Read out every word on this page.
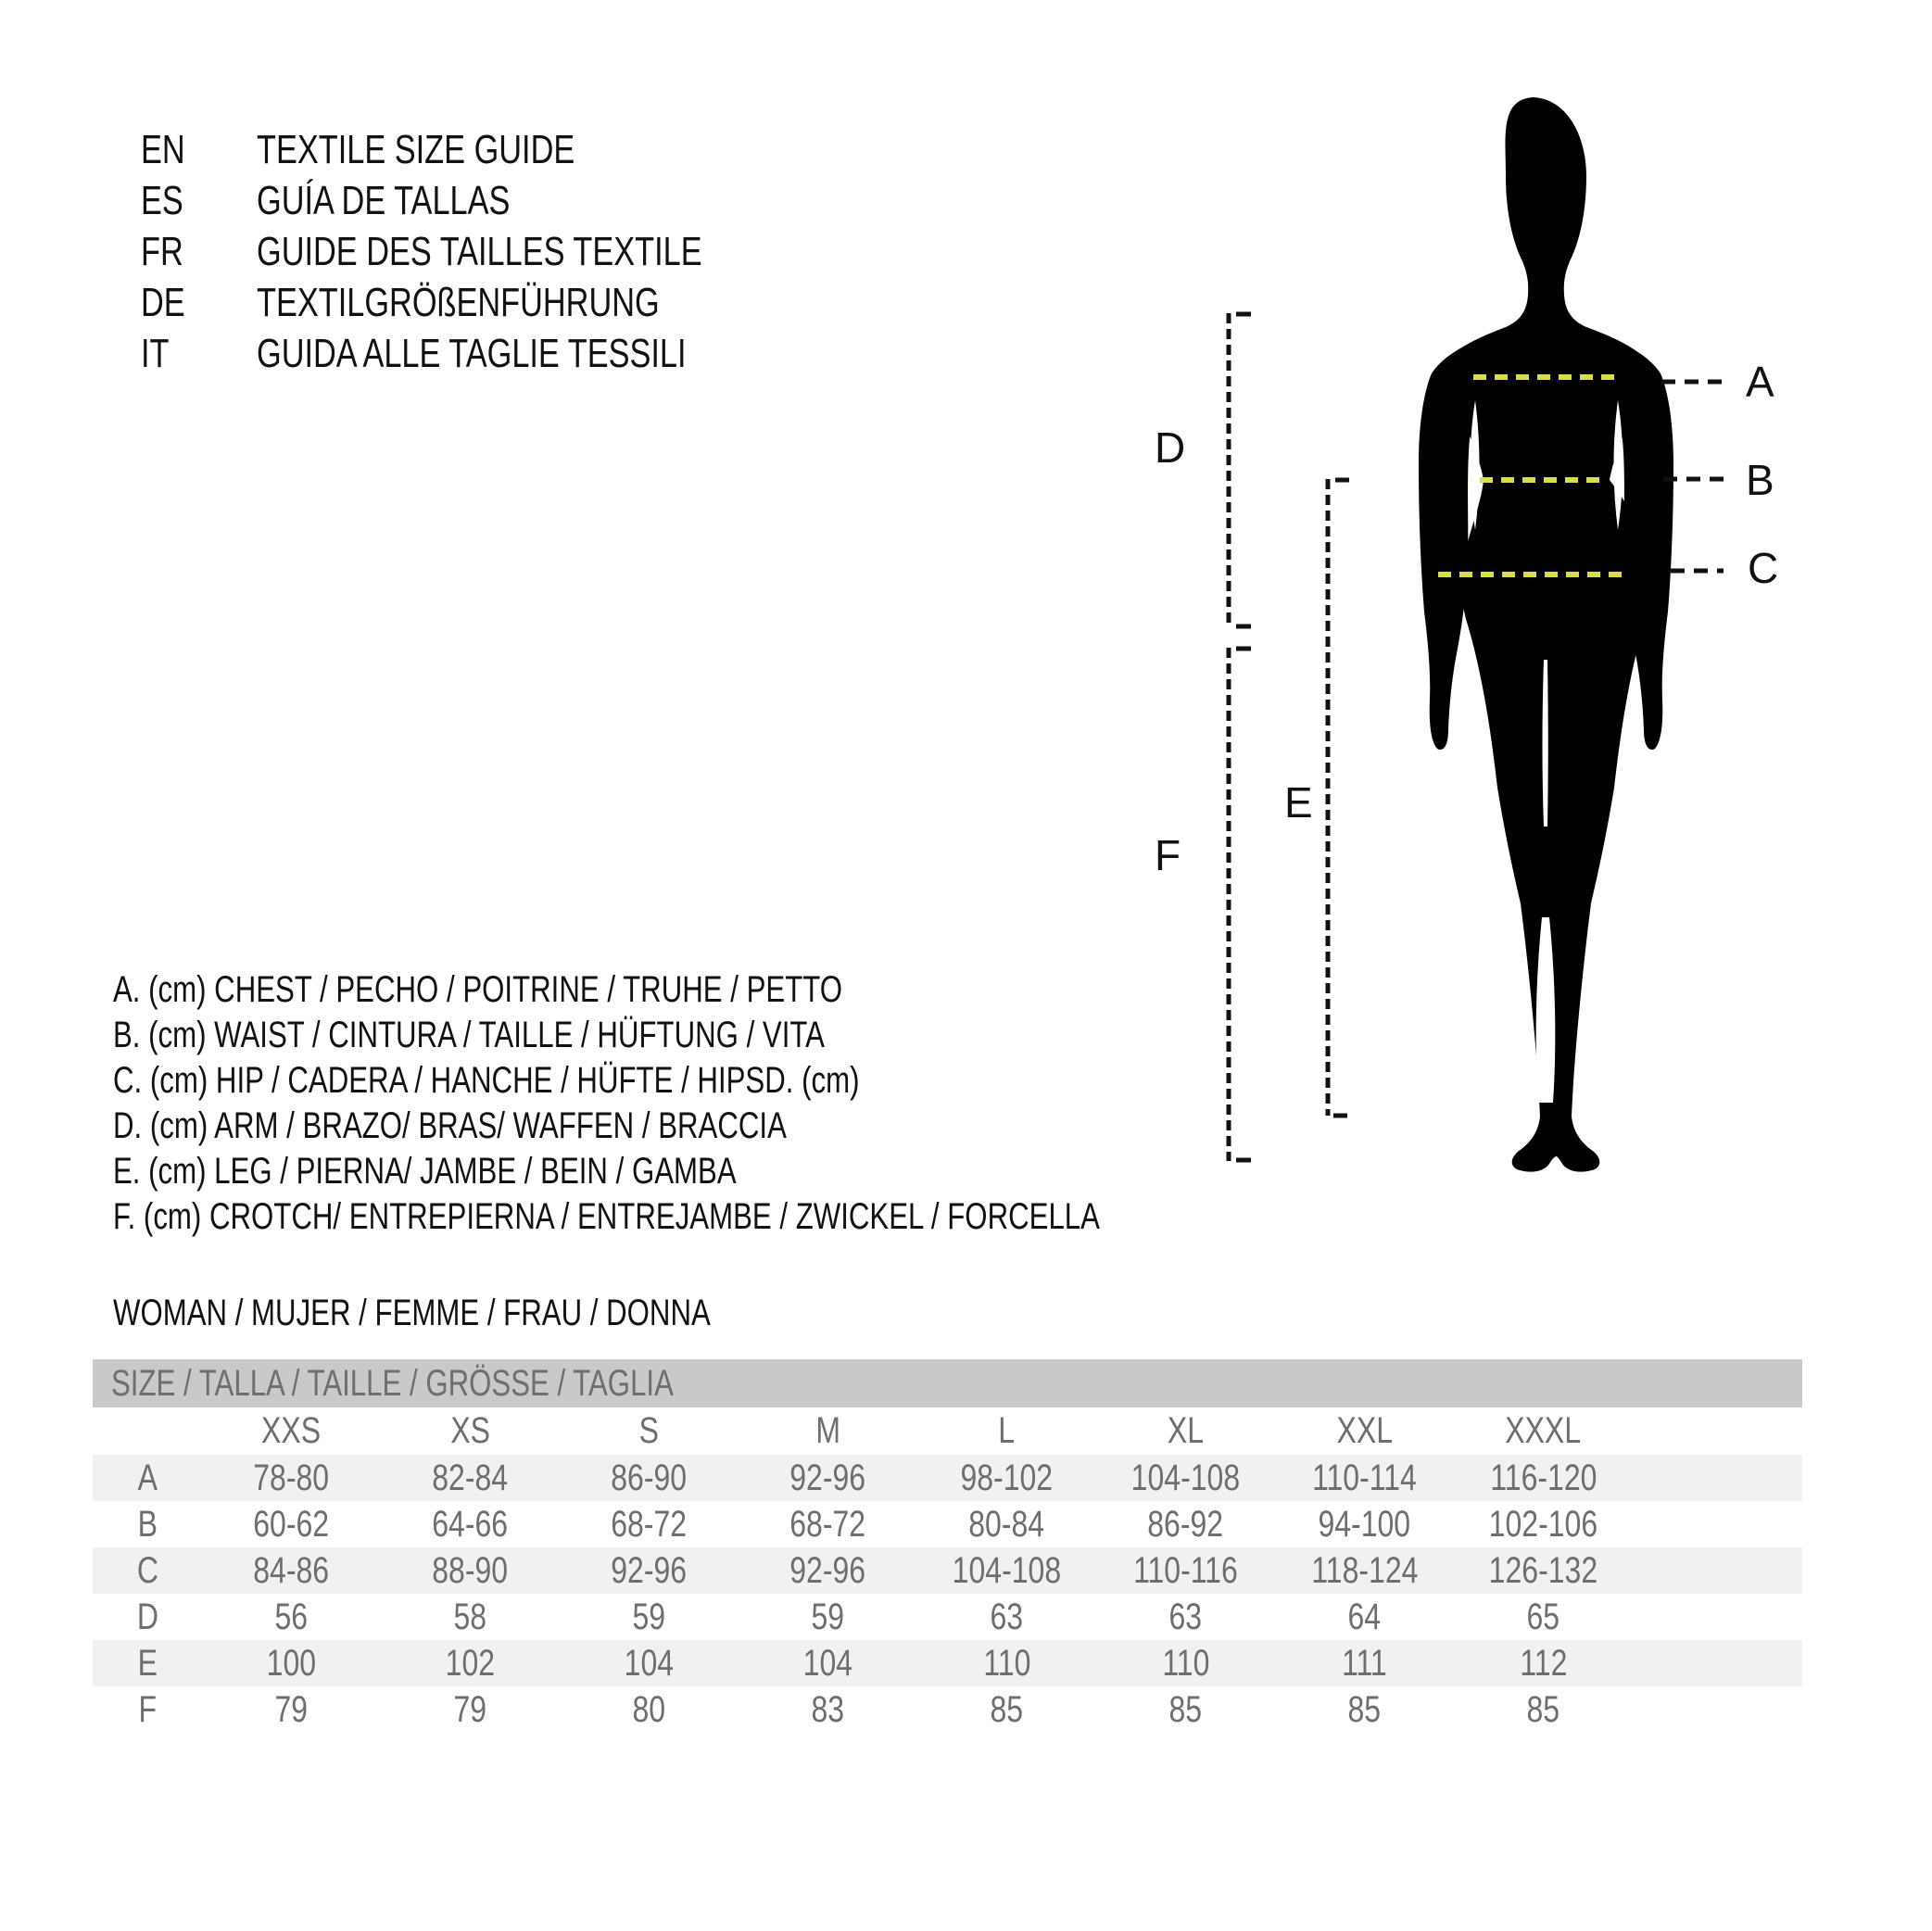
EN	TEXTILE SIZE GUIDE
ES	GUÍA DE TALLAS
FR	GUIDE DES TAILLES TEXTILE
DE	TEXTILGRÖßENFÜHRUNG
IT	GUIDA ALLE TAGLIE TESSILI
A
B
C
D
E
F
A. (cm) CHEST / PECHO / POITRINE / TRUHE / PETTO
B. (cm) WAIST / CINTURA / TAILLE / HÜFTUNG / VITA
C. (cm) HIP / CADERA / HANCHE / HÜFTE / HIPSD. (cm)
D. (cm) ARM / BRAZO/ BRAS/ WAFFEN / BRACCIA
E. (cm) LEG / PIERNA/ JAMBE / BEIN / GAMBA
F. (cm) CROTCH/ ENTREPIERNA / ENTREJAMBE / ZWICKEL / FORCELLA
WOMAN / MUJER / FEMME / FRAU / DONNA
SIZE / TALLA / TAILLE / GRÖSSE / TAGLIA
XXS	XS	S	M	L	XL	XXL	XXXL
A	78-80	82-84	86-90	92-96	98-102	104-108	110-114	116-120
B	60-62	64-66	68-72	68-72	80-84	86-92	94-100	102-106
C	84-86	88-90	92-96	92-96	104-108	110-116	118-124	126-132
D	56	58	59	59	63	63	64	65
E	100	102	104	104	110	110	111	112
F	79	79	80	83	85	85	85	85
